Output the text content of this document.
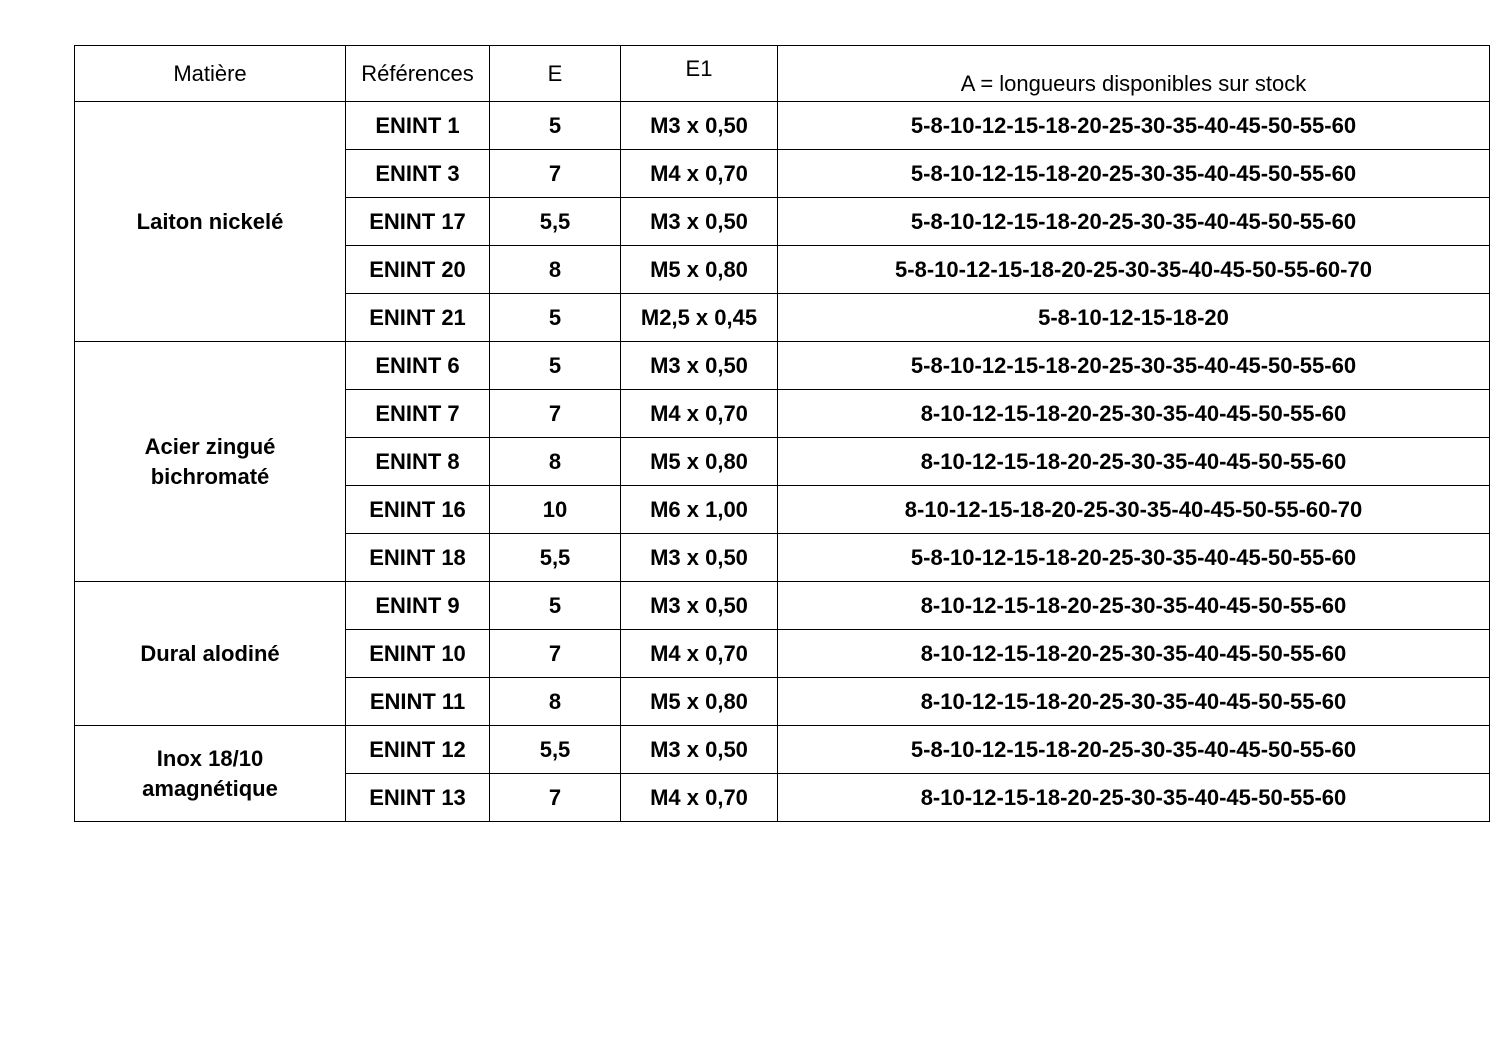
Matière	Références	E	E1	A = longueurs disponibles sur stock

Laiton nickelé	ENINT 1	5	M3 x 0,50	5-8-10-12-15-18-20-25-30-35-40-45-50-55-60
	ENINT 3	7	M4 x 0,70	5-8-10-12-15-18-20-25-30-35-40-45-50-55-60
	ENINT 17	5,5	M3 x 0,50	5-8-10-12-15-18-20-25-30-35-40-45-50-55-60
	ENINT 20	8	M5 x 0,80	5-8-10-12-15-18-20-25-30-35-40-45-50-55-60-70
	ENINT 21	5	M2,5 x 0,45	5-8-10-12-15-18-20

Acier zingué
bichromaté	ENINT 6	5	M3 x 0,50	5-8-10-12-15-18-20-25-30-35-40-45-50-55-60
	ENINT 7	7	M4 x 0,70	8-10-12-15-18-20-25-30-35-40-45-50-55-60
	ENINT 8	8	M5 x 0,80	8-10-12-15-18-20-25-30-35-40-45-50-55-60
	ENINT 16	10	M6 x 1,00	8-10-12-15-18-20-25-30-35-40-45-50-55-60-70
	ENINT 18	5,5	M3 x 0,50	5-8-10-12-15-18-20-25-30-35-40-45-50-55-60

Dural alodiné	ENINT 9	5	M3 x 0,50	8-10-12-15-18-20-25-30-35-40-45-50-55-60
	ENINT 10	7	M4 x 0,70	8-10-12-15-18-20-25-30-35-40-45-50-55-60
	ENINT 11	8	M5 x 0,80	8-10-12-15-18-20-25-30-35-40-45-50-55-60

Inox 18/10
amagnétique	ENINT 12	5,5	M3 x 0,50	5-8-10-12-15-18-20-25-30-35-40-45-50-55-60
	ENINT 13	7	M4 x 0,70	8-10-12-15-18-20-25-30-35-40-45-50-55-60
